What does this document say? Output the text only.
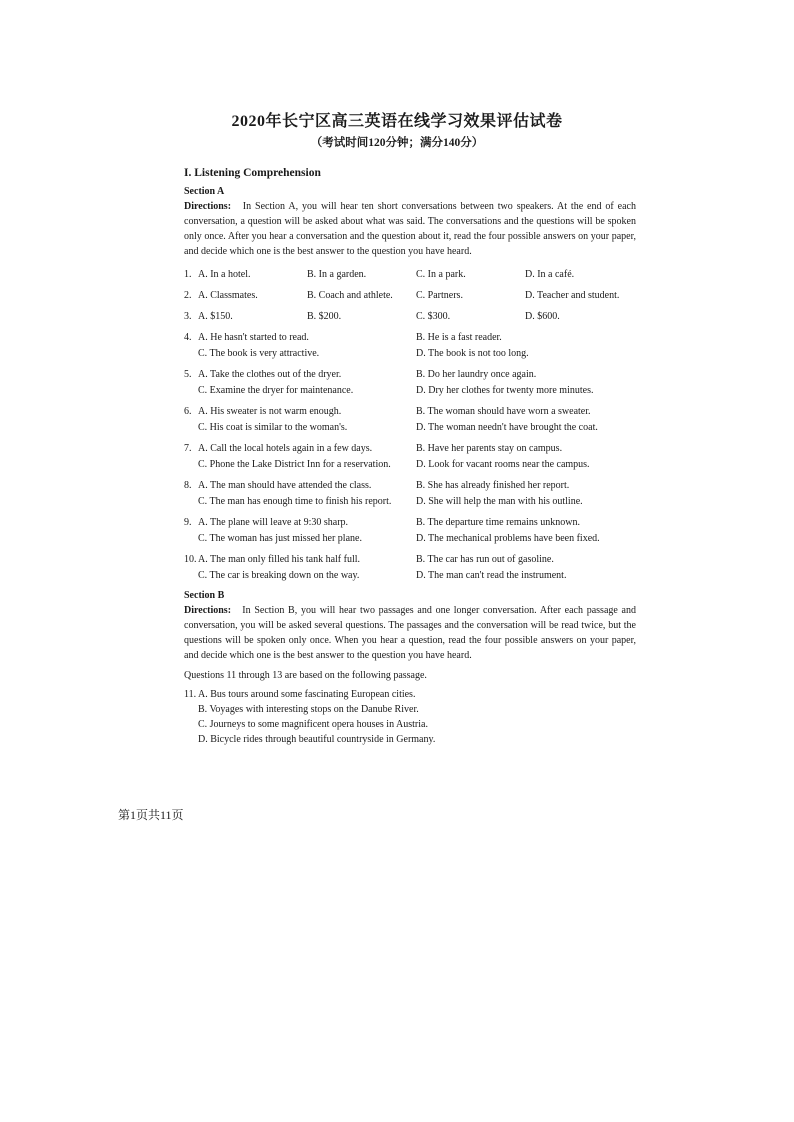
2020年长宁区高三英语在线学习效果评估试卷
（考试时间120分钟；满分140分）
I. Listening Comprehension
Section A

Directions: In Section A, you will hear ten short conversations between two speakers. At the end of each conversation, a question will be asked about what was said. The conversations and the questions will be spoken only once. After you hear a conversation and the question about it, read the four possible answers on your paper, and decide which one is the best answer to the question you have heard.

1. A. In a hotel.	B. In a garden.	C. In a park.	D. In a café.
2. A. Classmates.	B. Coach and athlete.	C. Partners.	D. Teacher and student.
3. A. $150.	B. $200.	C. $300.	D. $600.
4. A. He hasn't started to read.	B. He is a fast reader.
C. The book is very attractive.	D. The book is not too long.
5. A. Take the clothes out of the dryer.	B. Do her laundry once again.
C. Examine the dryer for maintenance.	D. Dry her clothes for twenty more minutes.
6. A. His sweater is not warm enough.	B. The woman should have worn a sweater.
C. His coat is similar to the woman's.	D. The woman needn't have brought the coat.
7. A. Call the local hotels again in a few days.	B. Have her parents stay on campus.
C. Phone the Lake District Inn for a reservation.	D. Look for vacant rooms near the campus.
8. A. The man should have attended the class.	B. She has already finished her report.
C. The man has enough time to finish his report.	D. She will help the man with his outline.
9. A. The plane will leave at 9:30 sharp.	B. The departure time remains unknown.
C. The woman has just missed her plane.	D. The mechanical problems have been fixed.
10. A. The man only filled his tank half full.	B. The car has run out of gasoline.
C. The car is breaking down on the way.	D. The man can't read the instrument.
Section B

Directions: In Section B, you will hear two passages and one longer conversation. After each passage and conversation, you will be asked several questions. The passages and the conversation will be read twice, but the questions will be spoken only once. When you hear a question, read the four possible answers on your paper, and decide which one is the best answer to the question you have heard.

Questions 11 through 13 are based on the following passage.
11. A. Bus tours around some fascinating European cities.
B. Voyages with interesting stops on the Danube River.
C. Journeys to some magnificent opera houses in Austria.
D. Bicycle rides through beautiful countryside in Germany.
第1页共11页
